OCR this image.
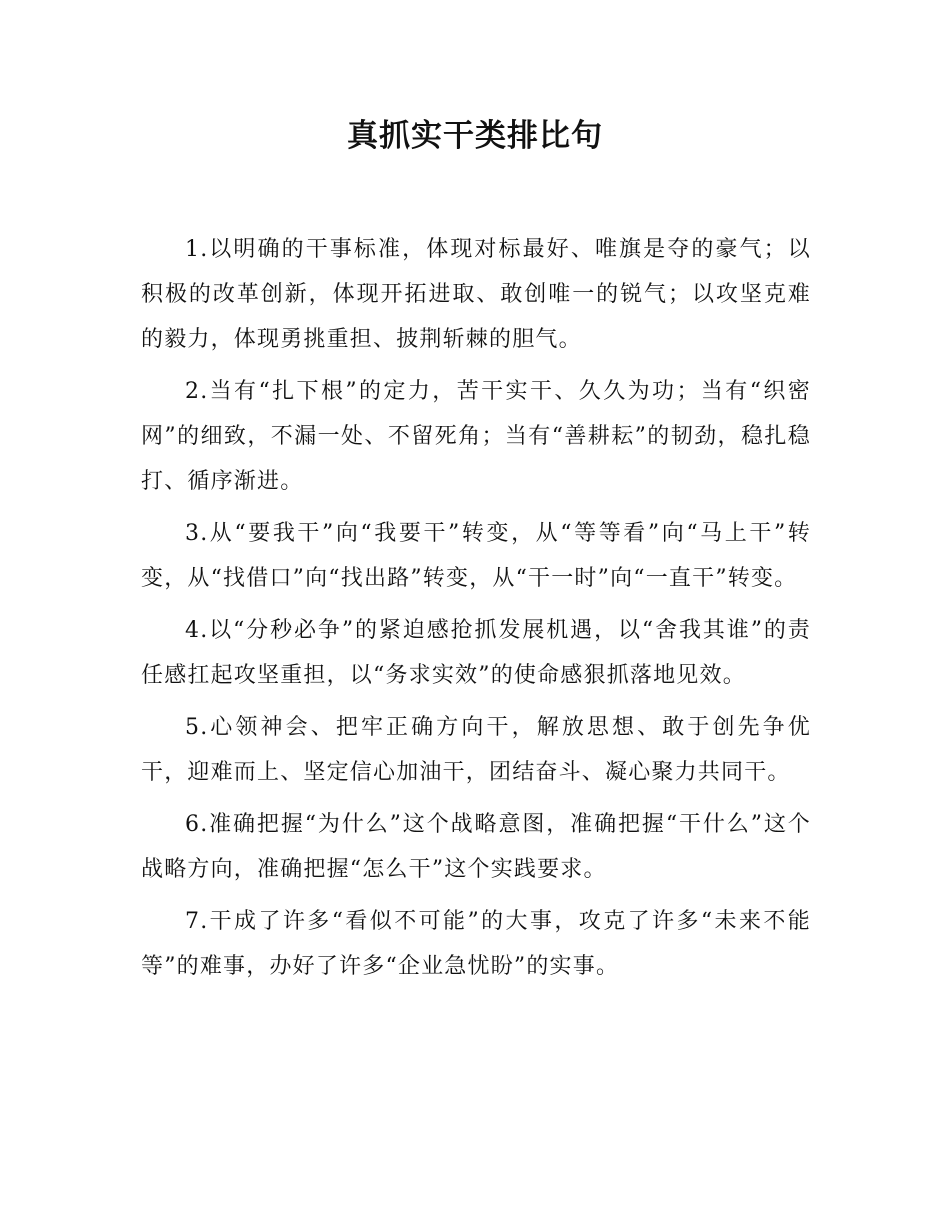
真抓实干类排比句

1.以明确的干事标准，体现对标最好、唯旗是夺的豪气；以积极的改革创新，体现开拓进取、敢创唯一的锐气；以攻坚克难的毅力，体现勇挑重担、披荆斩棘的胆气。

2.当有“扎下根”的定力，苦干实干、久久为功；当有“织密网”的细致，不漏一处、不留死角；当有“善耕耘”的韧劲，稳扎稳打、循序渐进。

3.从“要我干”向“我要干”转变，从“等等看”向“马上干”转变，从“找借口”向“找出路”转变，从“干一时”向“一直干”转变。

4.以“分秒必争”的紧迫感抢抓发展机遇，以“舍我其谁”的责任感扛起攻坚重担，以“务求实效”的使命感狠抓落地见效。

5.心领神会、把牢正确方向干，解放思想、敢于创先争优干，迎难而上、坚定信心加油干，团结奋斗、凝心聚力共同干。

6.准确把握“为什么”这个战略意图，准确把握“干什么”这个战略方向，准确把握“怎么干”这个实践要求。

7.干成了许多“看似不可能”的大事，攻克了许多“未来不能等”的难事，办好了许多“企业急忧盼”的实事。
